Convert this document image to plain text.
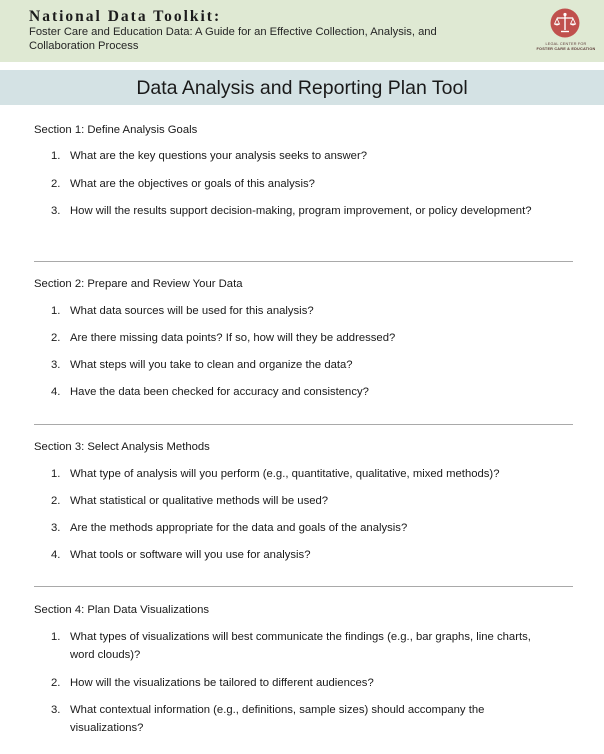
National Data Toolkit:
Foster Care and Education Data: A Guide for an Effective Collection, Analysis, and Collaboration Process	LEGAL CENTER FOR
FOSTER CARE & EDUCATION
Data Analysis and Reporting Plan Tool
Section 1: Define Analysis Goals
1. What are the key questions your analysis seeks to answer?
2. What are the objectives or goals of this analysis?
3. How will the results support decision-making, program improvement, or policy development?
Section 2: Prepare and Review Your Data
1. What data sources will be used for this analysis?
2. Are there missing data points? If so, how will they be addressed?
3. What steps will you take to clean and organize the data?
4. Have the data been checked for accuracy and consistency?
Section 3: Select Analysis Methods
1. What type of analysis will you perform (e.g., quantitative, qualitative, mixed methods)?
2. What statistical or qualitative methods will be used?
3. Are the methods appropriate for the data and goals of the analysis?
4. What tools or software will you use for analysis?
Section 4: Plan Data Visualizations
1. What types of visualizations will best communicate the findings (e.g., bar graphs, line charts, word clouds)?
2. How will the visualizations be tailored to different audiences?
3. What contextual information (e.g., definitions, sample sizes) should accompany the visualizations?
